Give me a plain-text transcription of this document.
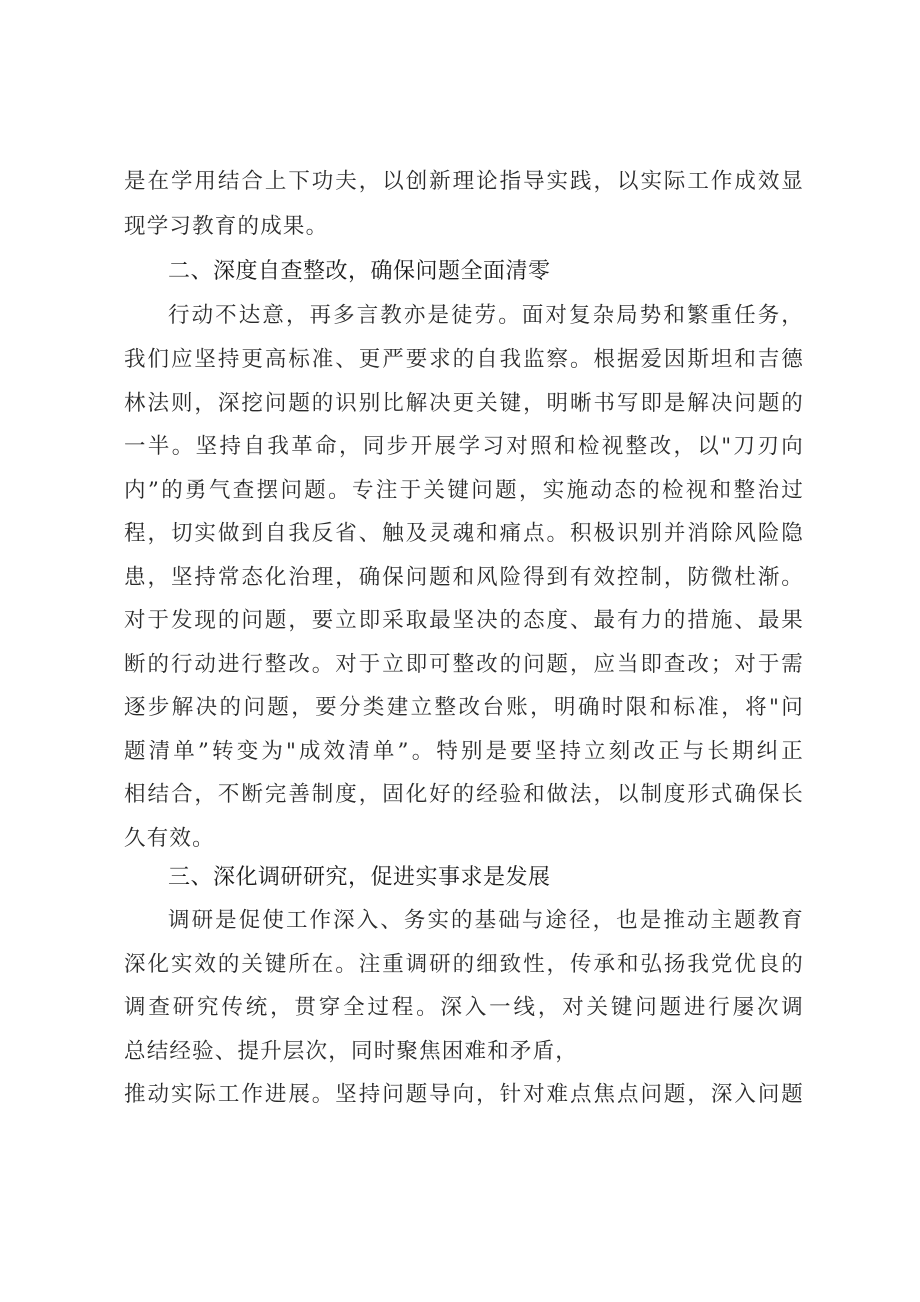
是在学用结合上下功夫，以创新理论指导实践，以实际工作成效显
现学习教育的成果。
二、深度自查整改，确保问题全面清零
行动不达意，再多言教亦是徒劳。面对复杂局势和繁重任务，
我们应坚持更高标准、更严要求的自我监察。根据爱因斯坦和吉德
林法则，深挖问题的识别比解决更关键，明晰书写即是解决问题的
一半。坚持自我革命，同步开展学习对照和检视整改，以"刀刃向
内”的勇气查摆问题。专注于关键问题，实施动态的检视和整治过
程，切实做到自我反省、触及灵魂和痛点。积极识别并消除风险隐
患，坚持常态化治理，确保问题和风险得到有效控制，防微杜渐。
对于发现的问题，要立即采取最坚决的态度、最有力的措施、最果
断的行动进行整改。对于立即可整改的问题，应当即查改；对于需
逐步解决的问题，要分类建立整改台账，明确时限和标准，将"问
题清单”转变为"成效清单”。特别是要坚持立刻改正与长期纠正
相结合，不断完善制度，固化好的经验和做法，以制度形式确保长
久有效。
三、深化调研研究，促进实事求是发展
调研是促使工作深入、务实的基础与途径，也是推动主题教育
深化实效的关键所在。注重调研的细致性，传承和弘扬我党优良的
调查研究传统，贯穿全过程。深入一线，对关键问题进行屡次调
总结经验、提升层次，同时聚焦困难和矛盾，
推动实际工作进展。坚持问题导向，针对难点焦点问题，深入问题
